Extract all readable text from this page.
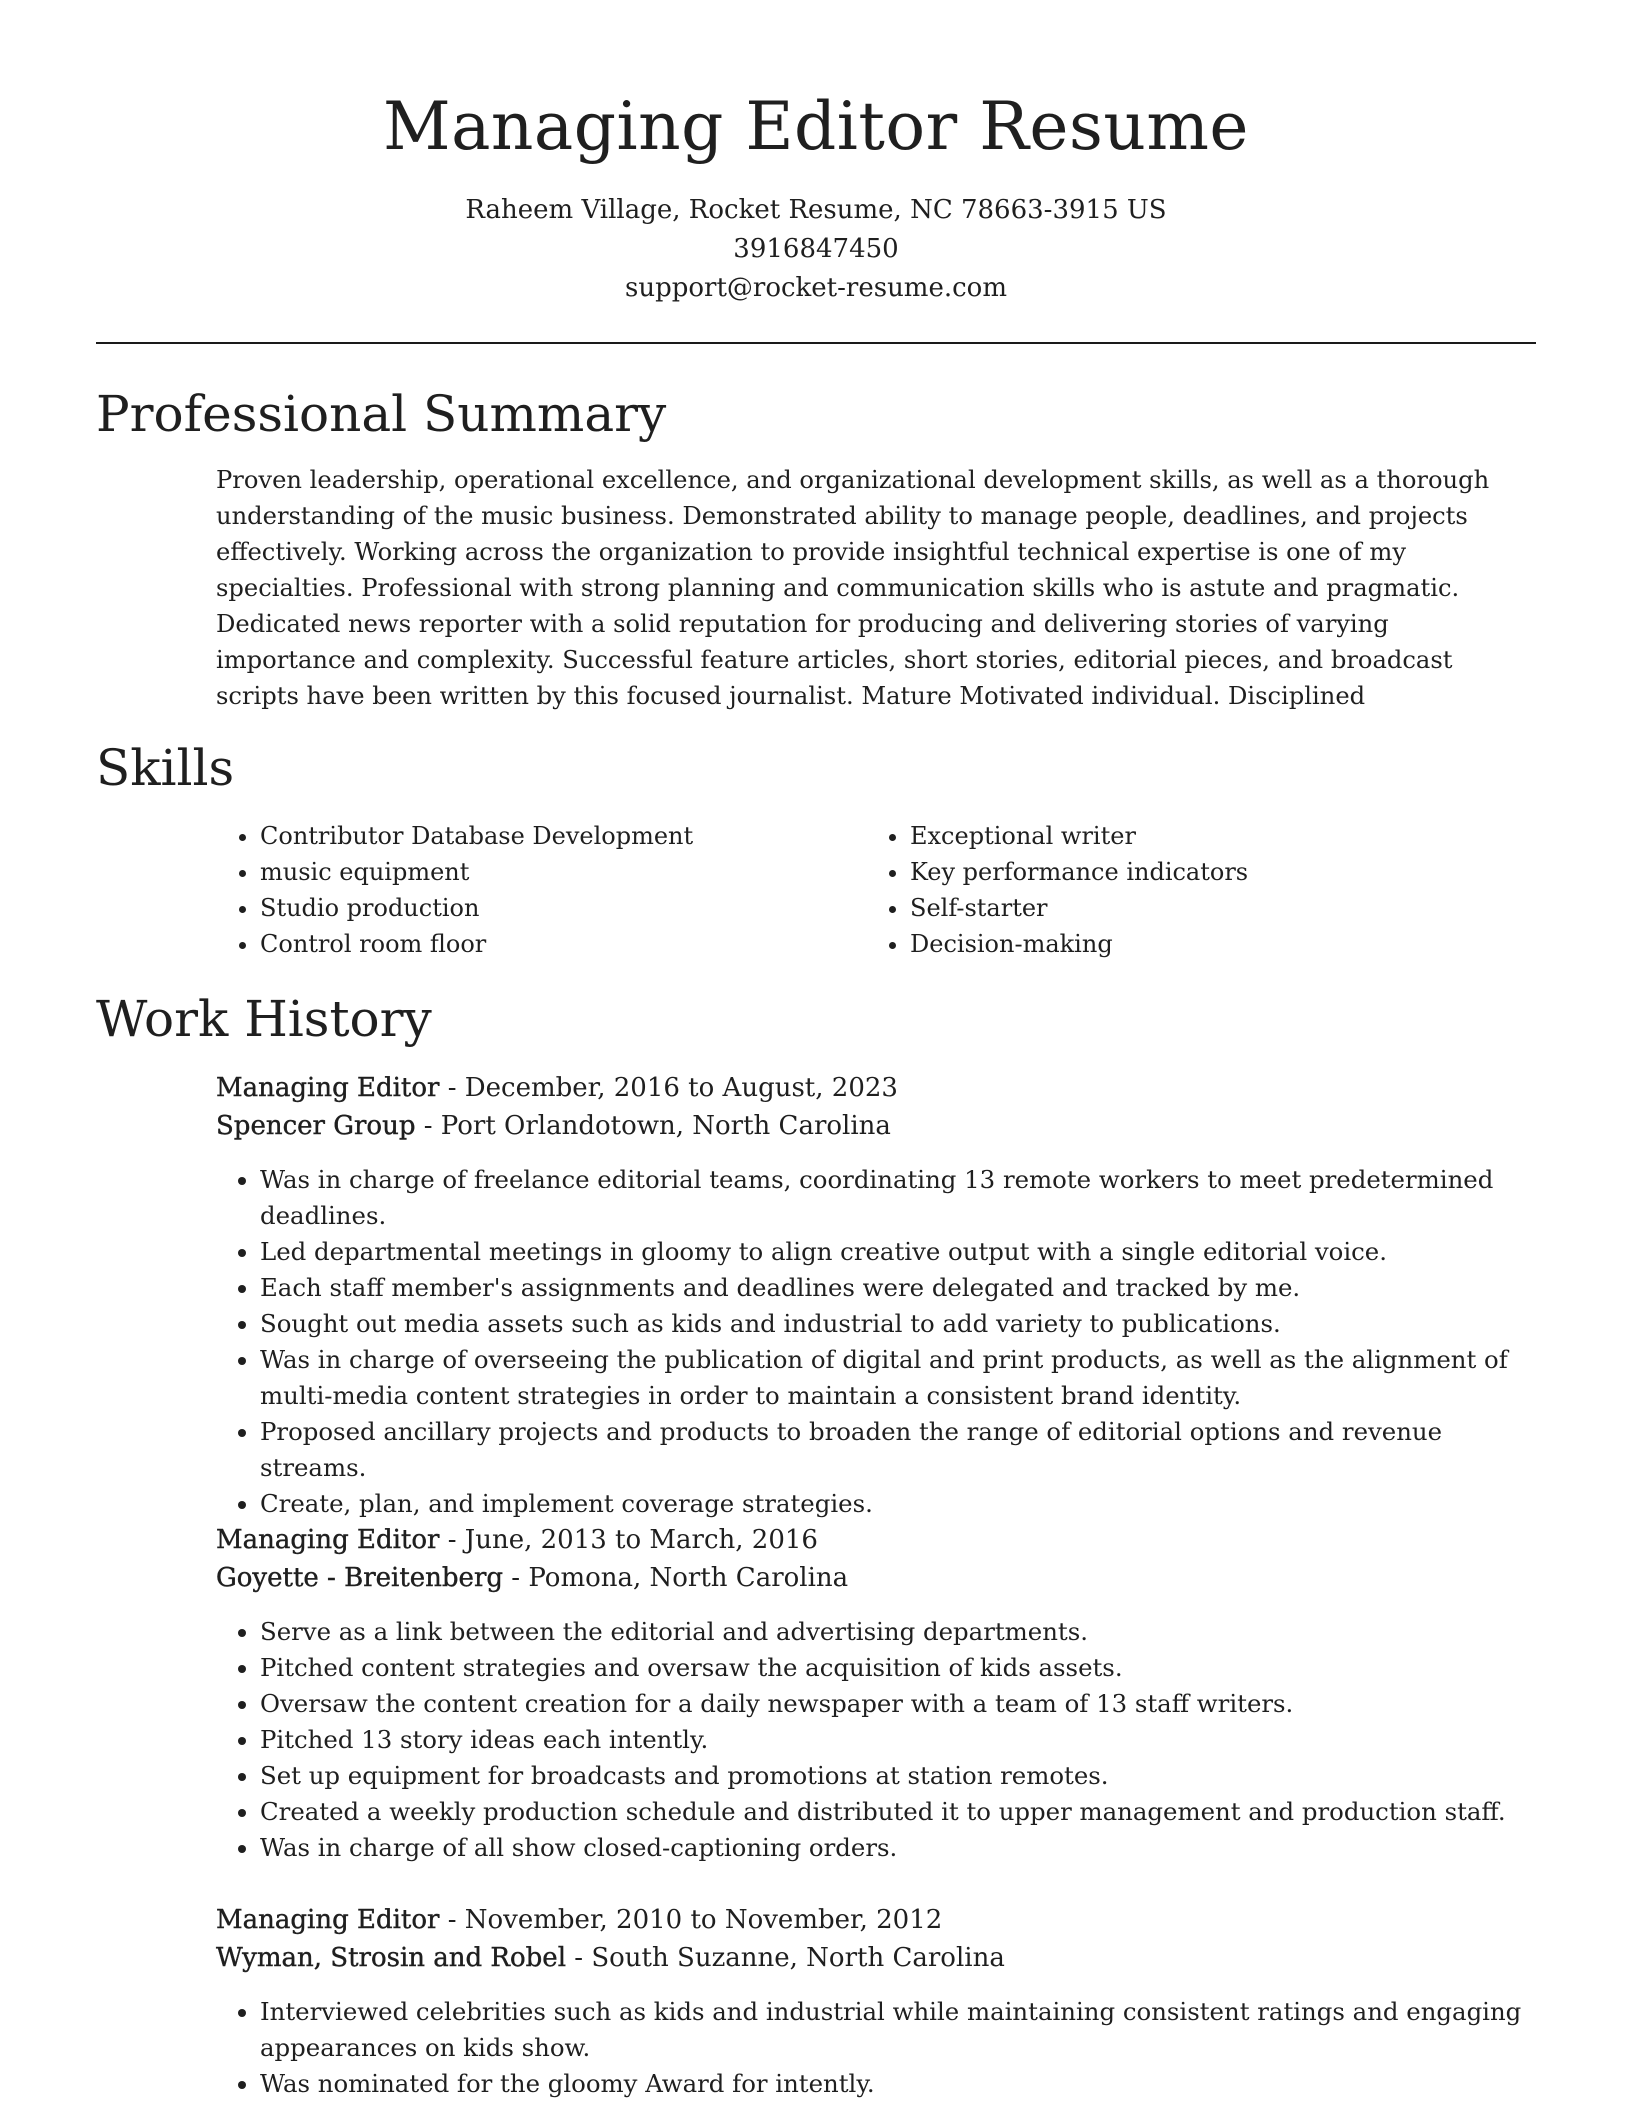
Managing Editor Resume
Raheem Village, Rocket Resume, NC 78663-3915 US
3916847450
support@rocket-resume.com
Professional Summary
Proven leadership, operational excellence, and organizational development skills, as well as a thorough understanding of the music business. Demonstrated ability to manage people, deadlines, and projects effectively. Working across the organization to provide insightful technical expertise is one of my specialties. Professional with strong planning and communication skills who is astute and pragmatic. Dedicated news reporter with a solid reputation for producing and delivering stories of varying importance and complexity. Successful feature articles, short stories, editorial pieces, and broadcast scripts have been written by this focused journalist. Mature Motivated individual. Disciplined
Skills
• Contributor Database Development
• music equipment
• Studio production
• Control room floor
• Exceptional writer
• Key performance indicators
• Self-starter
• Decision-making
Work History
Managing Editor - December, 2016 to August, 2023
Spencer Group - Port Orlandotown, North Carolina
• Was in charge of freelance editorial teams, coordinating 13 remote workers to meet predetermined deadlines.
• Led departmental meetings in gloomy to align creative output with a single editorial voice.
• Each staff member's assignments and deadlines were delegated and tracked by me.
• Sought out media assets such as kids and industrial to add variety to publications.
• Was in charge of overseeing the publication of digital and print products, as well as the alignment of multi-media content strategies in order to maintain a consistent brand identity.
• Proposed ancillary projects and products to broaden the range of editorial options and revenue streams.
• Create, plan, and implement coverage strategies.
Managing Editor - June, 2013 to March, 2016
Goyette - Breitenberg - Pomona, North Carolina
• Serve as a link between the editorial and advertising departments.
• Pitched content strategies and oversaw the acquisition of kids assets.
• Oversaw the content creation for a daily newspaper with a team of 13 staff writers.
• Pitched 13 story ideas each intently.
• Set up equipment for broadcasts and promotions at station remotes.
• Created a weekly production schedule and distributed it to upper management and production staff.
• Was in charge of all show closed-captioning orders.
Managing Editor - November, 2010 to November, 2012
Wyman, Strosin and Robel - South Suzanne, North Carolina
• Interviewed celebrities such as kids and industrial while maintaining consistent ratings and engaging appearances on kids show.
• Was nominated for the gloomy Award for intently.
